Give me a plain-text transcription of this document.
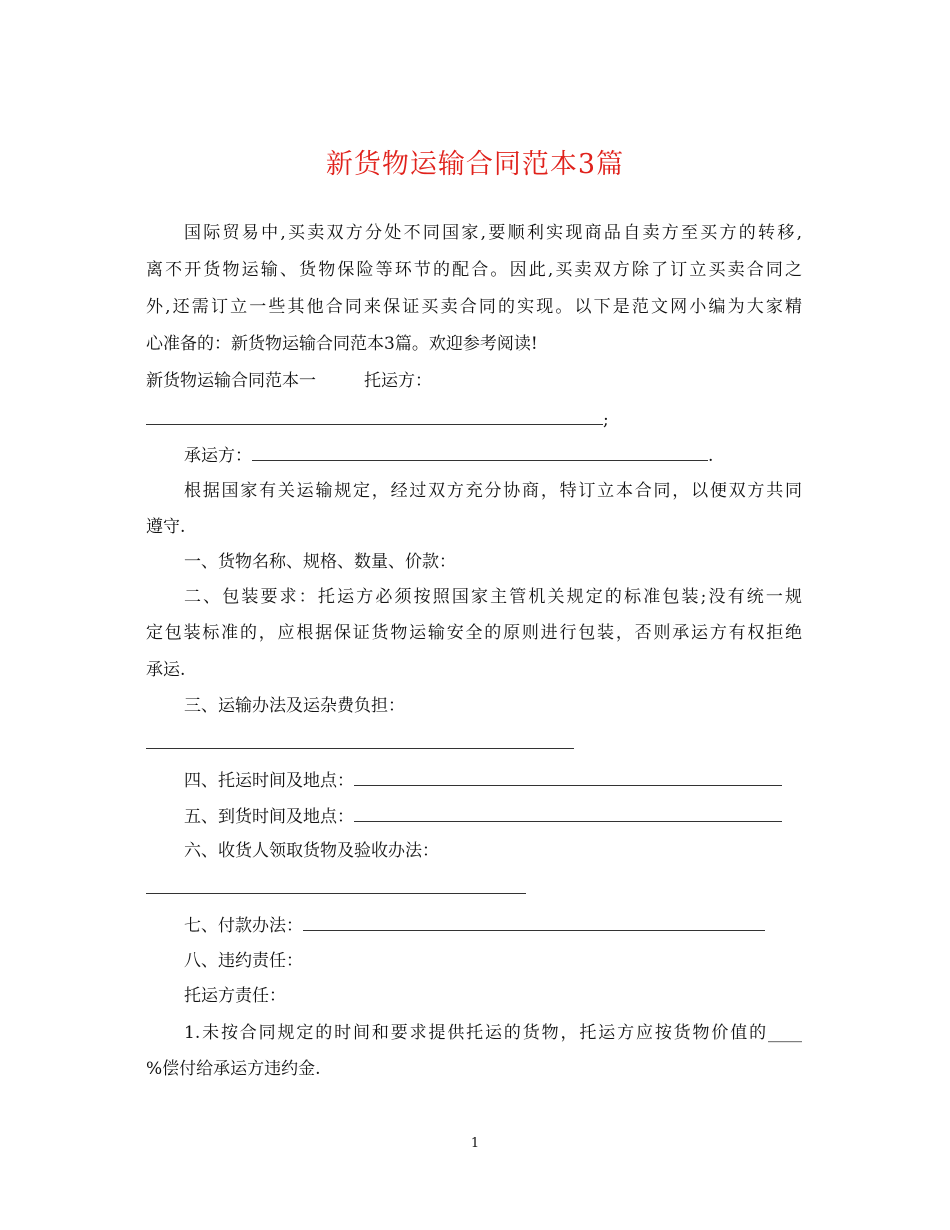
新货物运输合同范本3篇
国际贸易中,买卖双方分处不同国家,要顺利实现商品自卖方至买方的转移,
离不开货物运输、货物保险等环节的配合。因此,买卖双方除了订立买卖合同之
外,还需订立一些其他合同来保证买卖合同的实现。以下是范文网小编为大家精
心准备的：新货物运输合同范本3篇。欢迎参考阅读!
新货物运输合同范本一	托运方：
;
承运方：	.
根据国家有关运输规定，经过双方充分协商，特订立本合同，以便双方共同
遵守.
一、货物名称、规格、数量、价款：
二、包装要求：托运方必须按照国家主管机关规定的标准包装;没有统一规
定包装标准的，应根据保证货物运输安全的原则进行包装，否则承运方有权拒绝
承运.
三、运输办法及运杂费负担：
四、托运时间及地点：
五、到货时间及地点：
六、收货人领取货物及验收办法：
七、付款办法：
八、违约责任：
托运方责任：
1.未按合同规定的时间和要求提供托运的货物，托运方应按货物价值的____
%偿付给承运方违约金.
1
